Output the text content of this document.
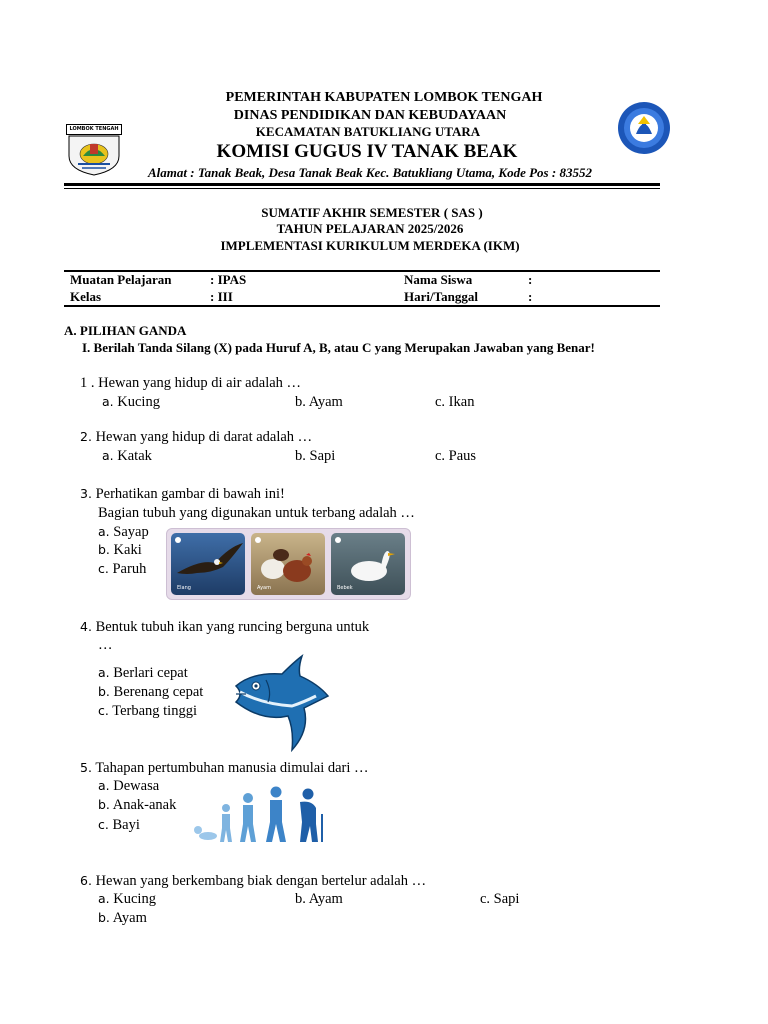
LOMBOK TENGAH
PEMERINTAH KABUPATEN LOMBOK TENGAH
DINAS PENDIDIKAN DAN KEBUDAYAAN
KECAMATAN BATUKLIANG UTARA
KOMISI GUGUS IV TANAK BEAK
Alamat : Tanak Beak, Desa Tanak Beak Kec. Batukliang Utama, Kode Pos : 83552
SUMATIF AKHIR SEMESTER ( SAS )
TAHUN PELAJARAN 2025/2026
IMPLEMENTASI KURIKULUM MERDEKA (IKM)
Muatan Pelajaran	: IPAS	Nama Siswa	:
Kelas	: III	Hari/Tanggal	:
A. PILIHAN GANDA
I. Berilah Tanda Silang (X) pada Huruf A, B, atau C yang Merupakan Jawaban yang Benar!
1 . Hewan yang hidup di air adalah …
a. Kucing	b. Ayam	c. Ikan
2. Hewan yang hidup di darat adalah …
a. Katak	b. Sapi	c. Paus
3. Perhatikan gambar di bawah ini!
Bagian tubuh yang digunakan untuk terbang adalah …
a. Sayap
b. Kaki
c. Paruh
Elang	Ayam	Bebek
4. Bentuk tubuh ikan yang runcing berguna untuk
…
a. Berlari cepat
b. Berenang cepat
c. Terbang tinggi
5. Tahapan pertumbuhan manusia dimulai dari …
a. Dewasa
b. Anak-anak
c. Bayi
6. Hewan yang berkembang biak dengan bertelur adalah …
a. Kucing	b. Ayam	c. Sapi
b. Ayam
